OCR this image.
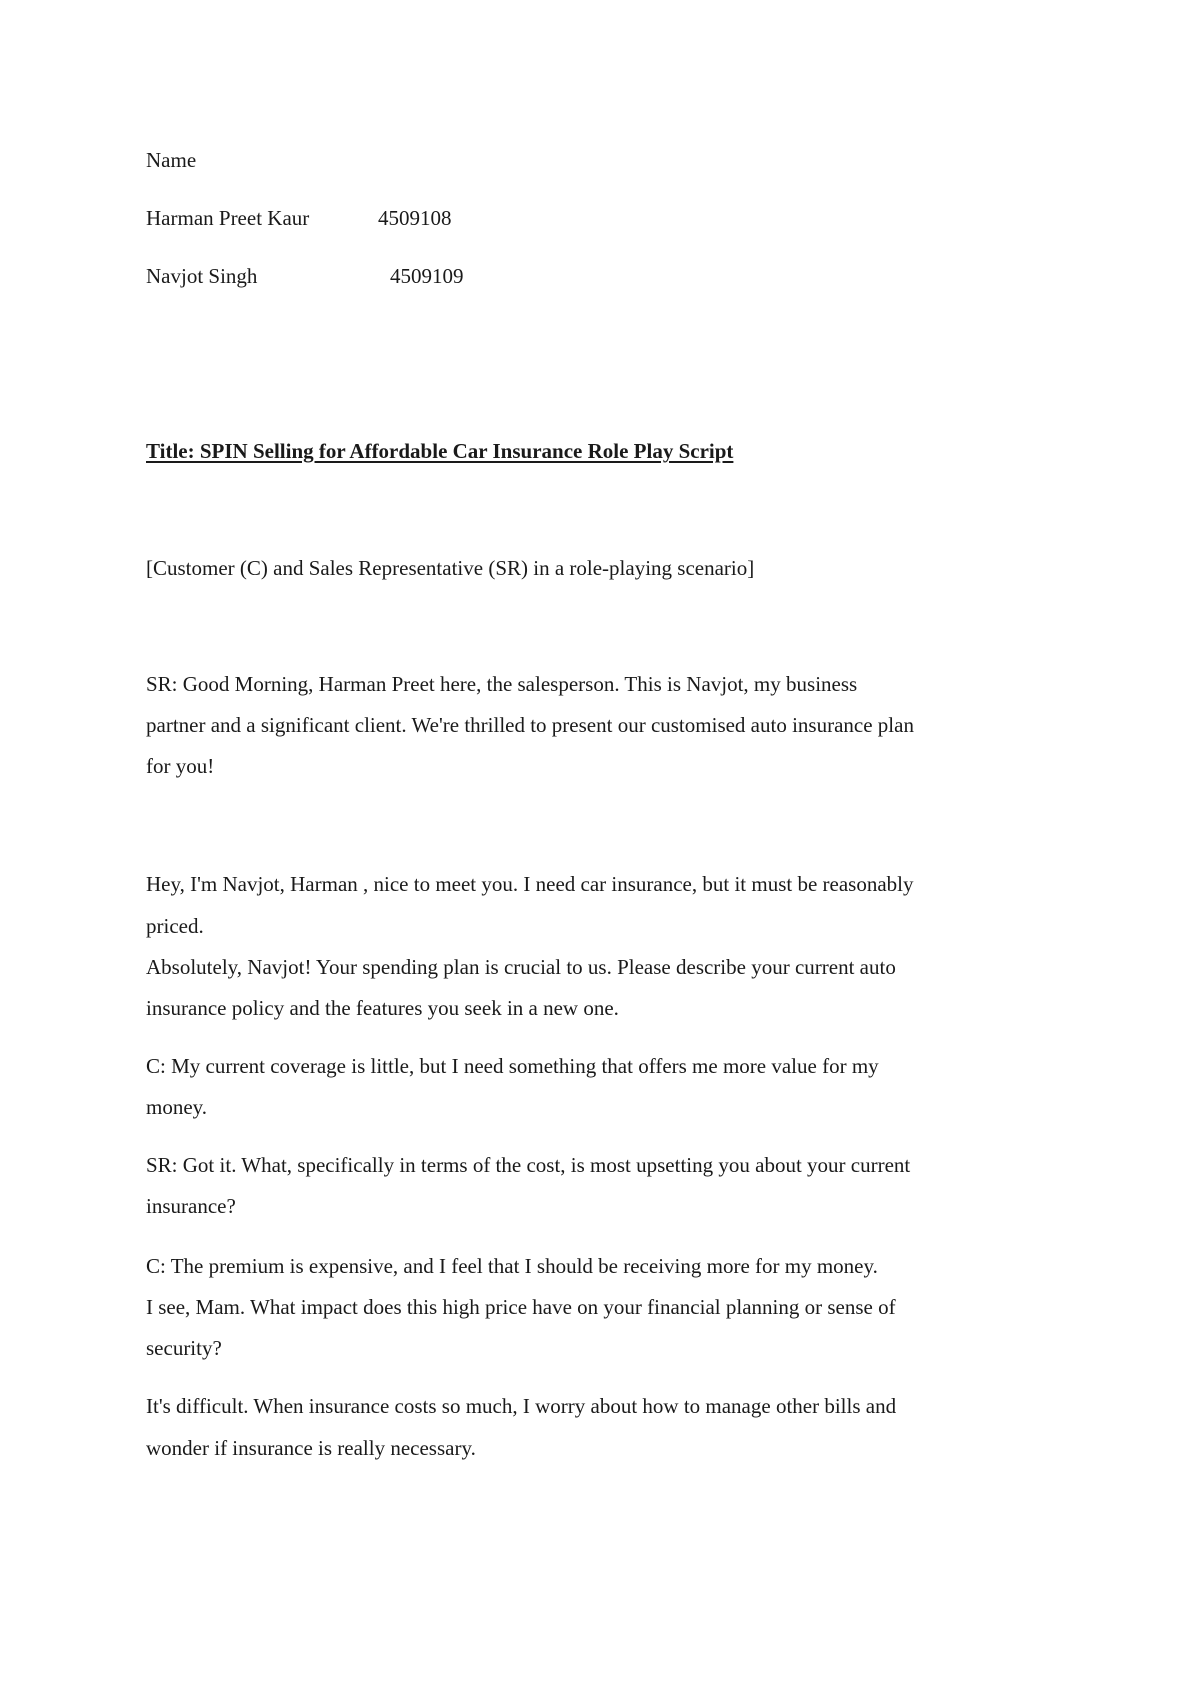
Name
Harman Preet Kaur	4509108
Navjot Singh	4509109
Title: SPIN Selling for Affordable Car Insurance Role Play Script
[Customer (C) and Sales Representative (SR) in a role-playing scenario]
SR: Good Morning, Harman Preet here, the salesperson. This is Navjot, my business
partner and a significant client. We're thrilled to present our customised auto insurance plan
for you!
Hey, I'm Navjot, Harman , nice to meet you. I need car insurance, but it must be reasonably
priced.
Absolutely, Navjot! Your spending plan is crucial to us. Please describe your current auto
insurance policy and the features you seek in a new one.
C: My current coverage is little, but I need something that offers me more value for my
money.
SR: Got it. What, specifically in terms of the cost, is most upsetting you about your current
insurance?
C: The premium is expensive, and I feel that I should be receiving more for my money.
I see, Mam. What impact does this high price have on your financial planning or sense of
security?
It's difficult. When insurance costs so much, I worry about how to manage other bills and
wonder if insurance is really necessary.
